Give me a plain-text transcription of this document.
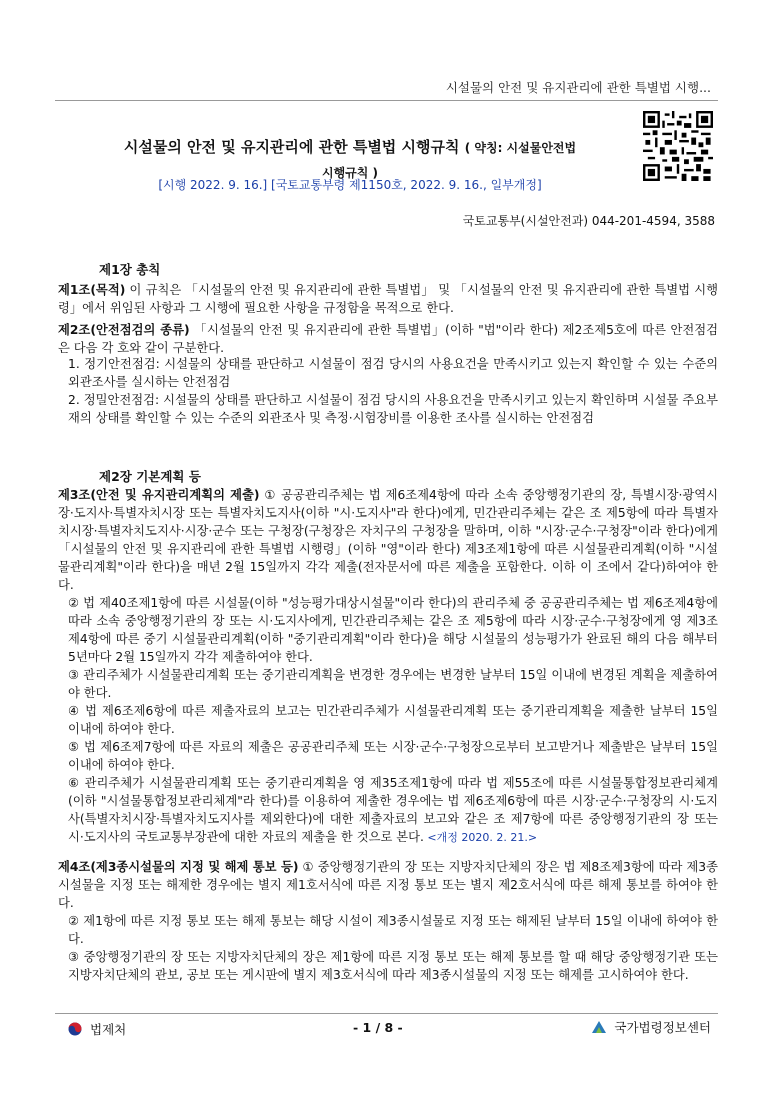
시설물의 안전 및 유지관리에 관한 특별법 시행...
시설물의 안전 및 유지관리에 관한 특별법 시행규칙 ( 약칭: 시설물안전법
시행규칙 )
[시행 2022. 9. 16.] [국토교통부령 제1150호, 2022. 9. 16., 일부개정]
국토교통부(시설안전과) 044-201-4594, 3588
제1장 총칙
제1조(목적) 이 규칙은 「시설물의 안전 및 유지관리에 관한 특별법」 및 「시설물의 안전 및 유지관리에 관한 특별법 시행령」에서 위임된 사항과 그 시행에 필요한 사항을 규정함을 목적으로 한다.
제2조(안전점검의 종류) 「시설물의 안전 및 유지관리에 관한 특별법」(이하 "법"이라 한다) 제2조제5호에 따른 안전점검은 다음 각 호와 같이 구분한다.
1. 정기안전점검: 시설물의 상태를 판단하고 시설물이 점검 당시의 사용요건을 만족시키고 있는지 확인할 수 있는 수준의 외관조사를 실시하는 안전점검
2. 정밀안전점검: 시설물의 상태를 판단하고 시설물이 점검 당시의 사용요건을 만족시키고 있는지 확인하며 시설물 주요부재의 상태를 확인할 수 있는 수준의 외관조사 및 측정·시험장비를 이용한 조사를 실시하는 안전점검
제2장 기본계획 등
제3조(안전 및 유지관리계획의 제출) ① 공공관리주체는 법 제6조제4항에 따라 소속 중앙행정기관의 장, 특별시장·광역시장·도지사·특별자치시장 또는 특별자치도지사(이하 "시·도지사"라 한다)에게, 민간관리주체는 같은 조 제5항에 따라 특별자치시장·특별자치도지사·시장·군수 또는 구청장(구청장은 자치구의 구청장을 말하며, 이하 "시장·군수·구청장"이라 한다)에게 「시설물의 안전 및 유지관리에 관한 특별법 시행령」(이하 "영"이라 한다) 제3조제1항에 따른 시설물관리계획(이하 "시설물관리계획"이라 한다)을 매년 2월 15일까지 각각 제출(전자문서에 따른 제출을 포함한다. 이하 이 조에서 같다)하여야 한다.
② 법 제40조제1항에 따른 시설물(이하 "성능평가대상시설물"이라 한다)의 관리주체 중 공공관리주체는 법 제6조제4항에 따라 소속 중앙행정기관의 장 또는 시·도지사에게, 민간관리주체는 같은 조 제5항에 따라 시장·군수·구청장에게 영 제3조제4항에 따른 중기 시설물관리계획(이하 "중기관리계획"이라 한다)을 해당 시설물의 성능평가가 완료된 해의 다음 해부터 5년마다 2월 15일까지 각각 제출하여야 한다.
③ 관리주체가 시설물관리계획 또는 중기관리계획을 변경한 경우에는 변경한 날부터 15일 이내에 변경된 계획을 제출하여야 한다.
④ 법 제6조제6항에 따른 제출자료의 보고는 민간관리주체가 시설물관리계획 또는 중기관리계획을 제출한 날부터 15일 이내에 하여야 한다.
⑤ 법 제6조제7항에 따른 자료의 제출은 공공관리주체 또는 시장·군수·구청장으로부터 보고받거나 제출받은 날부터 15일 이내에 하여야 한다.
⑥ 관리주체가 시설물관리계획 또는 중기관리계획을 영 제35조제1항에 따라 법 제55조에 따른 시설물통합정보관리체계(이하 "시설물통합정보관리체계"라 한다)를 이용하여 제출한 경우에는 법 제6조제6항에 따른 시장·군수·구청장의 시·도지사(특별자치시장·특별자치도지사를 제외한다)에 대한 제출자료의 보고와 같은 조 제7항에 따른 중앙행정기관의 장 또는 시·도지사의 국토교통부장관에 대한 자료의 제출을 한 것으로 본다. <개정 2020. 2. 21.>
제4조(제3종시설물의 지정 및 해제 통보 등) ① 중앙행정기관의 장 또는 지방자치단체의 장은 법 제8조제3항에 따라 제3종시설물을 지정 또는 해제한 경우에는 별지 제1호서식에 따른 지정 통보 또는 별지 제2호서식에 따른 해제 통보를 하여야 한다.
② 제1항에 따른 지정 통보 또는 해제 통보는 해당 시설이 제3종시설물로 지정 또는 해제된 날부터 15일 이내에 하여야 한다.
③ 중앙행정기관의 장 또는 지방자치단체의 장은 제1항에 따른 지정 통보 또는 해제 통보를 할 때 해당 중앙행정기관 또는 지방자치단체의 관보, 공보 또는 게시판에 별지 제3호서식에 따라 제3종시설물의 지정 또는 해제를 고시하여야 한다.
법제처	- 1 / 8 -	국가법령정보센터
